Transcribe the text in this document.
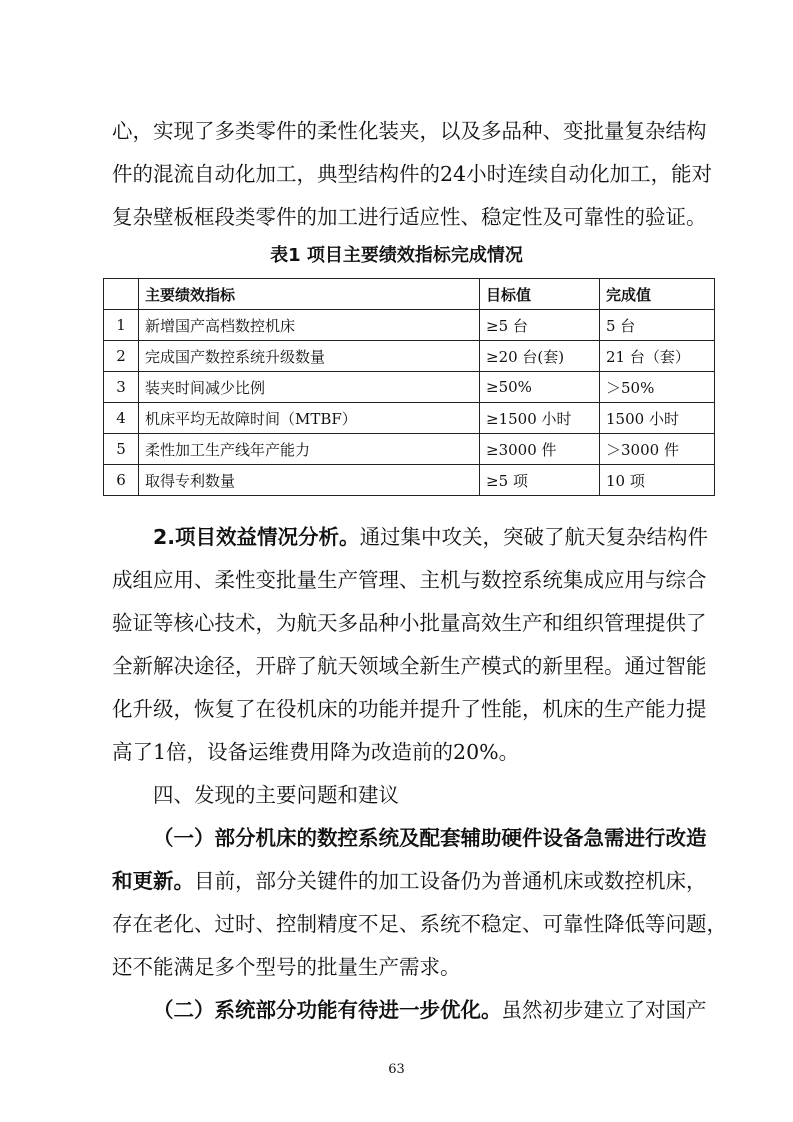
心，实现了多类零件的柔性化装夹，以及多品种、变批量复杂结构
件的混流自动化加工，典型结构件的24小时连续自动化加工，能对
复杂壁板框段类零件的加工进行适应性、稳定性及可靠性的验证。
表1 项目主要绩效指标完成情况
	主要绩效指标	目标值	完成值
1	新增国产高档数控机床	≥5 台	5 台
2	完成国产数控系统升级数量	≥20 台(套)	21 台（套）
3	装夹时间减少比例	≥50%	＞50%
4	机床平均无故障时间（MTBF）	≥1500 小时	1500 小时
5	柔性加工生产线年产能力	≥3000 件	＞3000 件
6	取得专利数量	≥5 项	10 项
2.项目效益情况分析。通过集中攻关，突破了航天复杂结构件
成组应用、柔性变批量生产管理、主机与数控系统集成应用与综合
验证等核心技术，为航天多品种小批量高效生产和组织管理提供了
全新解决途径，开辟了航天领域全新生产模式的新里程。通过智能
化升级，恢复了在役机床的功能并提升了性能，机床的生产能力提
高了1倍，设备运维费用降为改造前的20%。
四、发现的主要问题和建议
（一）部分机床的数控系统及配套辅助硬件设备急需进行改造
和更新。目前，部分关键件的加工设备仍为普通机床或数控机床，
存在老化、过时、控制精度不足、系统不稳定、可靠性降低等问题，
还不能满足多个型号的批量生产需求。
（二）系统部分功能有待进一步优化。虽然初步建立了对国产
63
